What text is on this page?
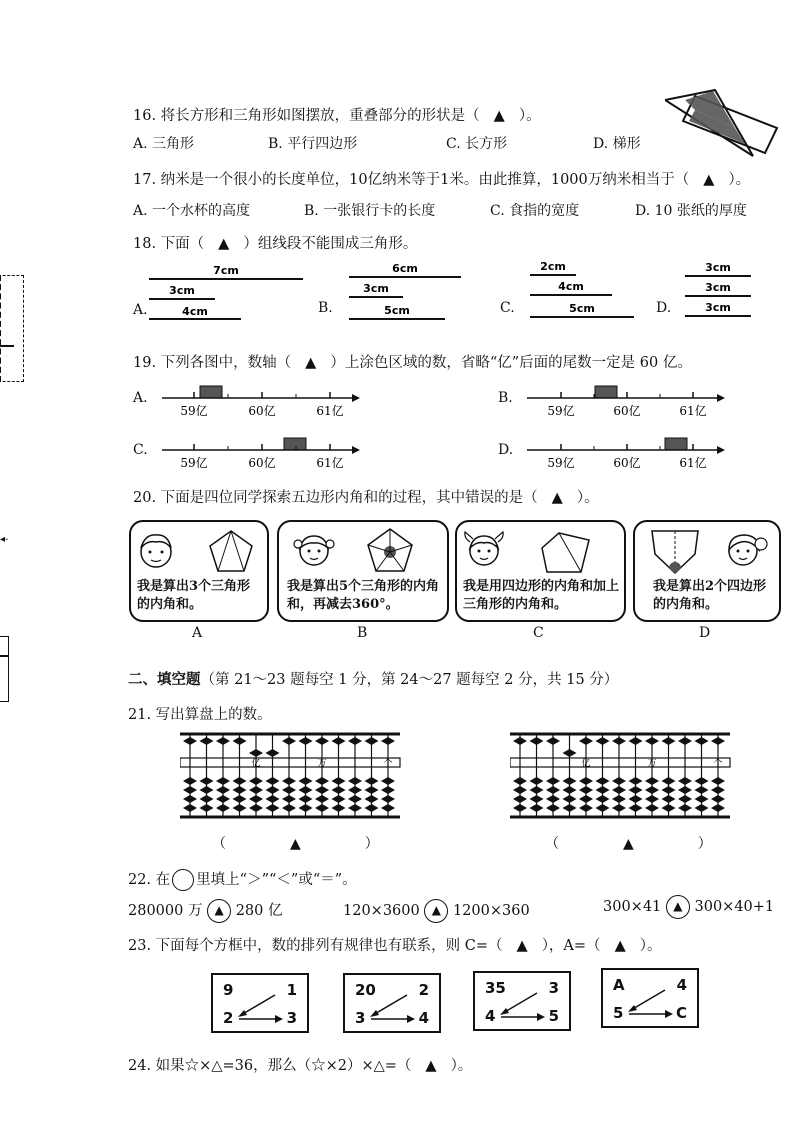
◂-
16. 将长方形和三角形如图摆放，重叠部分的形状是（ ▲ ）。
A. 三角形	B. 平行四边形	C. 长方形	D. 梯形
17. 纳米是一个很小的长度单位，10亿纳米等于1米。由此推算，1000万纳米相当于（ ▲ ）。
A. 一个水杯的高度	B. 一张银行卡的长度	C. 食指的宽度	D. 10 张纸的厚度
18. 下面（ ▲ ）组线段不能围成三角形。
A.	B.	C.	D.
7cm
3cm
4cm
6cm
3cm
5cm
2cm
4cm
5cm
3cm
3cm
3cm
19. 下列各图中，数轴（ ▲ ）上涂色区域的数，省略“亿”后面的尾数一定是 60 亿。
A.	B.
C.	D.
59亿	60亿	61亿	59亿	60亿	61亿
59亿	60亿	61亿	59亿	60亿	61亿
20. 下面是四位同学探索五边形内角和的过程，其中错误的是（ ▲ ）。
我是算出3个三角形的内角和。
A
我是算出5个三角形的内角和，再减去360°。
B
我是用四边形的内角和加上三角形的内角和。
C
我是算出2个四边形的内角和。
D
二、填空题（第 21～23 题每空 1 分，第 24～27 题每空 2 分，共 15 分）
21. 写出算盘上的数。
亿	万	个	亿	万	个
（	▲	）	（	▲	）
22. 在 里填上“＞”“＜”或“＝”。
280000 万 ▲ 280 亿	120×3600 ▲ 1200×360	300×41 ▲ 300×40+1
23. 下面每个方框中，数的排列有规律也有联系，则 C=（ ▲ ），A=（ ▲ ）。
9	1
2	3
20	2
3	4
35	3
4	5
A	4
5	C
24. 如果☆×△=36，那么（☆×2）×△=（ ▲ ）。
